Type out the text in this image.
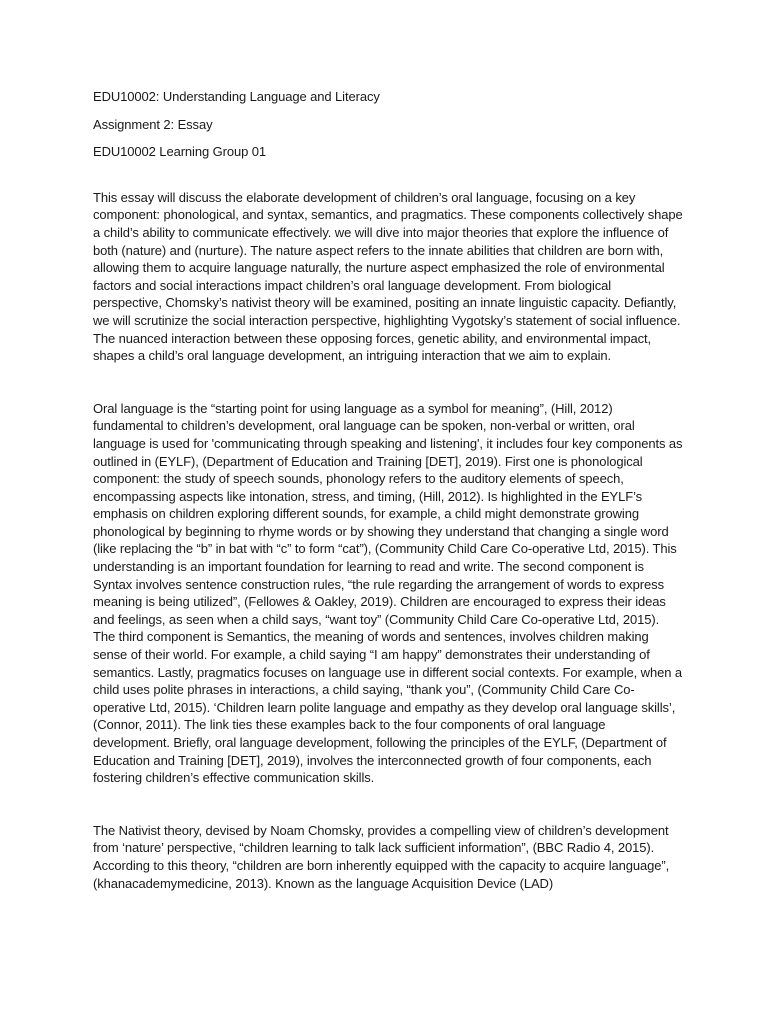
EDU10002: Understanding Language and Literacy

Assignment 2: Essay

EDU10002 Learning Group 01

This essay will discuss the elaborate development of children’s oral language, focusing on a key component: phonological, and syntax, semantics, and pragmatics. These components collectively shape a child’s ability to communicate effectively. we will dive into major theories that explore the influence of both (nature) and (nurture). The nature aspect refers to the innate abilities that children are born with, allowing them to acquire language naturally, the nurture aspect emphasized the role of environmental factors and social interactions impact children’s oral language development. From biological perspective, Chomsky’s nativist theory will be examined, positing an innate linguistic capacity. Defiantly, we will scrutinize the social interaction perspective, highlighting Vygotsky’s statement of social influence. The nuanced interaction between these opposing forces, genetic ability, and environmental impact, shapes a child’s oral language development, an intriguing interaction that we aim to explain.

Oral language is the “starting point for using language as a symbol for meaning”, (Hill, 2012) fundamental to children’s development, oral language can be spoken, non-verbal or written, oral language is used for 'communicating through speaking and listening', it includes four key components as outlined in (EYLF), (Department of Education and Training [DET], 2019). First one is phonological component: the study of speech sounds, phonology refers to the auditory elements of speech, encompassing aspects like intonation, stress, and timing, (Hill, 2012). Is highlighted in the EYLF’s emphasis on children exploring different sounds, for example, a child might demonstrate growing phonological by beginning to rhyme words or by showing they understand that changing a single word (like replacing the “b” in bat with “c” to form “cat”), (Community Child Care Co-operative Ltd, 2015). This understanding is an important foundation for learning to read and write. The second component is Syntax involves sentence construction rules, “the rule regarding the arrangement of words to express meaning is being utilized”, (Fellowes & Oakley, 2019). Children are encouraged to express their ideas and feelings, as seen when a child says, “want toy” (Community Child Care Co-operative Ltd, 2015). The third component is Semantics, the meaning of words and sentences, involves children making sense of their world. For example, a child saying “I am happy” demonstrates their understanding of semantics. Lastly, pragmatics focuses on language use in different social contexts. For example, when a child uses polite phrases in interactions, a child saying, “thank you”, (Community Child Care Co-operative Ltd, 2015). ‘Children learn polite language and empathy as they develop oral language skills’, (Connor, 2011). The link ties these examples back to the four components of oral language development. Briefly, oral language development, following the principles of the EYLF, (Department of Education and Training [DET], 2019), involves the interconnected growth of four components, each fostering children’s effective communication skills.

The Nativist theory, devised by Noam Chomsky, provides a compelling view of children’s development from ‘nature’ perspective, “children learning to talk lack sufficient information”, (BBC Radio 4, 2015). According to this theory, “children are born inherently equipped with the capacity to acquire language”, (khanacademymedicine, 2013). Known as the language Acquisition Device (LAD)
